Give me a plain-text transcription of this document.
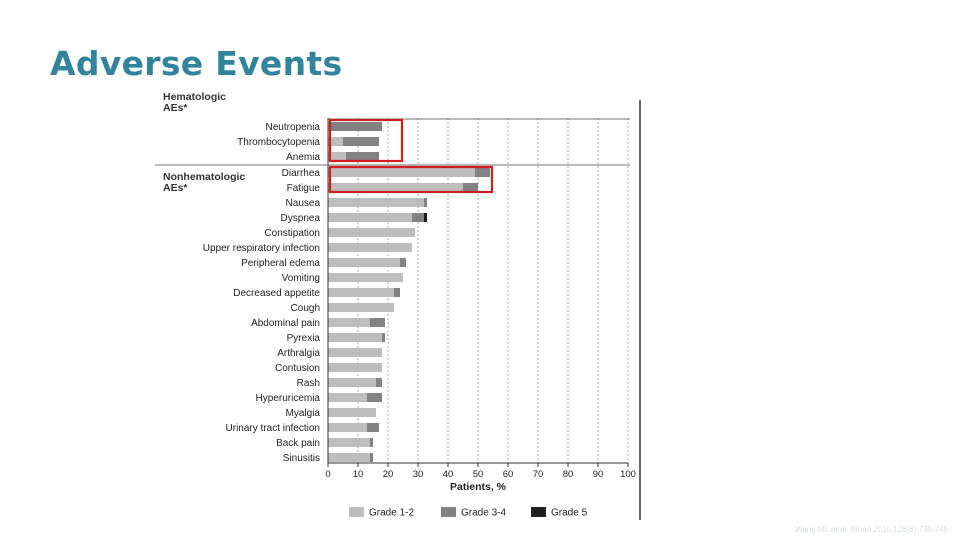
Adverse Events
Hematologic
AEs*
Nonhematologic
AEs*
Neutropenia
Thrombocytopenia
Anemia
Diarrhea
Fatigue
Nausea
Dyspnea
Constipation
Upper respiratory infection
Peripheral edema
Vomiting
Decreased appetite
Cough
Abdominal pain
Pyrexia
Arthralgia
Contusion
Rash
Hyperuricemia
Myalgia
Urinary tract infection
Back pain
Sinusitis
0 10 20 30 40 50 60 70 80 90 100
Patients, %
Grade 1-2	Grade 3-4	Grade 5
Wang ML et al. Blood 2015;126(6):739-745
